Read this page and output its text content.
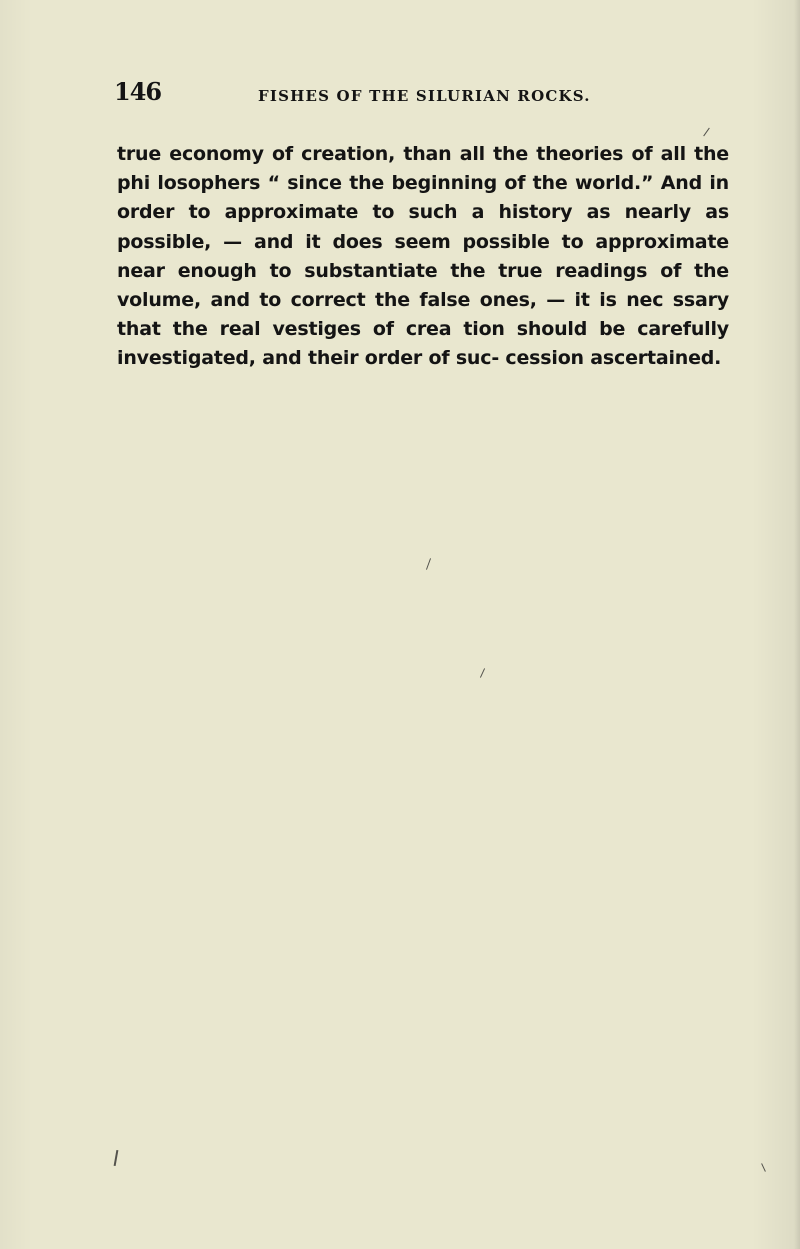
146	FISHES OF THE SILURIAN ROCKS.

true economy of creation, than all the theories of all the phi losophers “ since the beginning of the world.” And in order to approximate to such a history as nearly as possible, — and it does seem possible to approximate near enough to substantiate the true readings of the volume, and to correct the false ones, — it is nec ssary that the real vestiges of crea tion should be carefully investigated, and their order of suc- cession ascertained.
